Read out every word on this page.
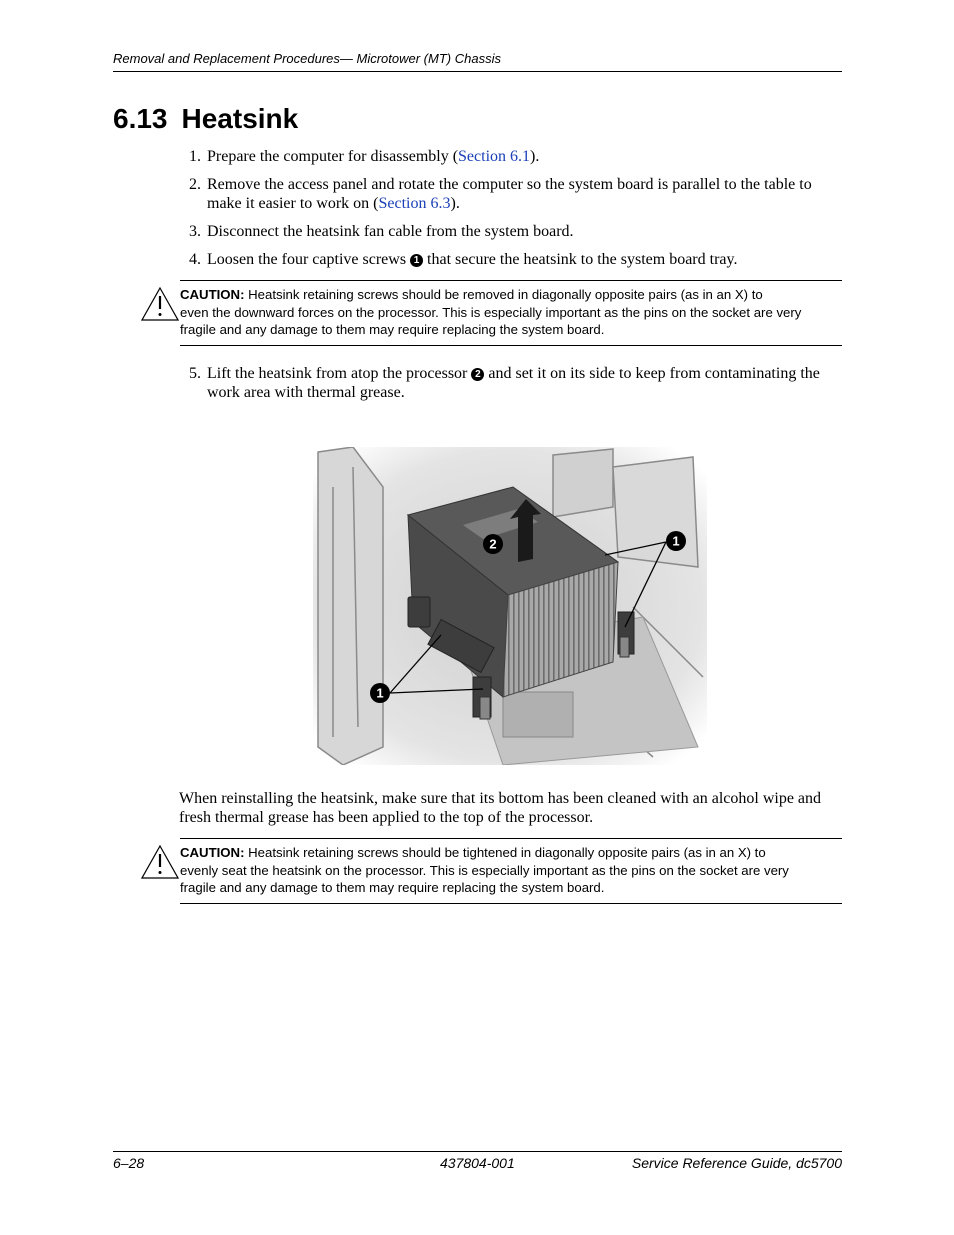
Removal and Replacement Procedures— Microtower (MT) Chassis
6.13 Heatsink
1. Prepare the computer for disassembly (Section 6.1).
2. Remove the access panel and rotate the computer so the system board is parallel to the table to make it easier to work on (Section 6.3).
3. Disconnect the heatsink fan cable from the system board.
4. Loosen the four captive screws 1 that secure the heatsink to the system board tray.
CAUTION: Heatsink retaining screws should be removed in diagonally opposite pairs (as in an X) to
even the downward forces on the processor. This is especially important as the pins on the socket are very
fragile and any damage to them may require replacing the system board.
5. Lift the heatsink from atop the processor 2 and set it on its side to keep from contaminating the work area with thermal grease.
2	1
1
When reinstalling the heatsink, make sure that its bottom has been cleaned with an alcohol wipe and fresh thermal grease has been applied to the top of the processor.
CAUTION: Heatsink retaining screws should be tightened in diagonally opposite pairs (as in an X) to
evenly seat the heatsink on the processor. This is especially important as the pins on the socket are very
fragile and any damage to them may require replacing the system board.
6–28	437804-001	Service Reference Guide, dc5700
